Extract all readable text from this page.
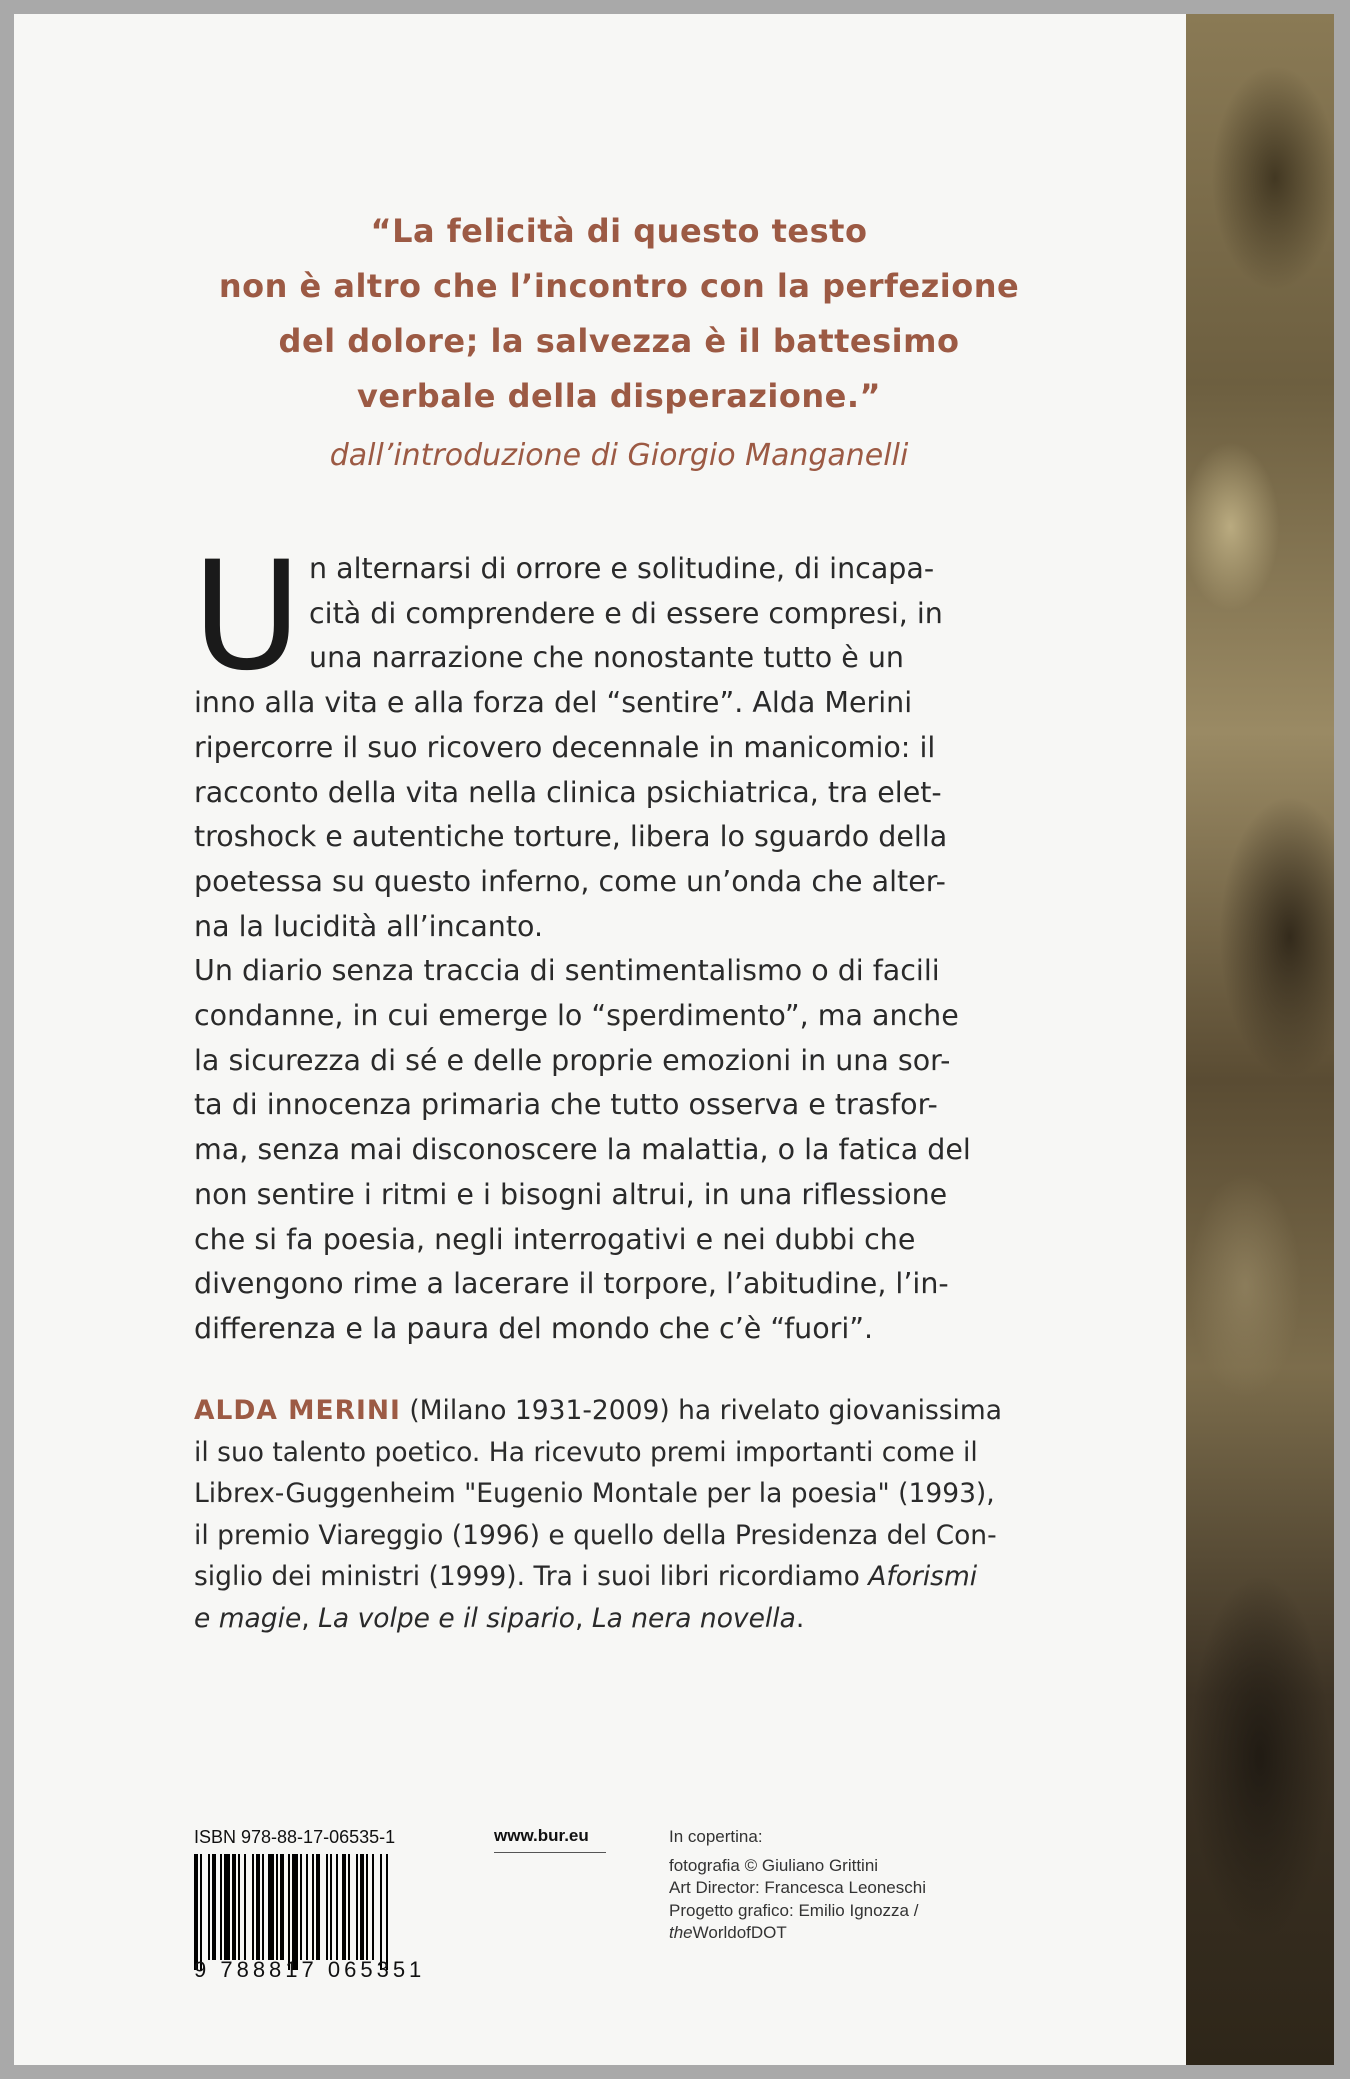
“La felicità di questo testo
non è altro che l’incontro con la perfezione
del dolore; la salvezza è il battesimo
verbale della disperazione.”
dall’introduzione di Giorgio Manganelli
U n alternarsi di orrore e solitudine, di incapa-
cità di comprendere e di essere compresi, in
una narrazione che nonostante tutto è un
inno alla vita e alla forza del “sentire”. Alda Merini
ripercorre il suo ricovero decennale in manicomio: il
racconto della vita nella clinica psichiatrica, tra elet-
troshock e autentiche torture, libera lo sguardo della
poetessa su questo inferno, come un’onda che alter-
na la lucidità all’incanto.
Un diario senza traccia di sentimentalismo o di facili
condanne, in cui emerge lo “sperdimento”, ma anche
la sicurezza di sé e delle proprie emozioni in una sor-
ta di innocenza primaria che tutto osserva e trasfor-
ma, senza mai disconoscere la malattia, o la fatica del
non sentire i ritmi e i bisogni altrui, in una riflessione
che si fa poesia, negli interrogativi e nei dubbi che
divengono rime a lacerare il torpore, l’abitudine, l’in-
differenza e la paura del mondo che c’è “fuori”.
ALDA MERINI (Milano 1931-2009) ha rivelato giovanissima
il suo talento poetico. Ha ricevuto premi importanti come il
Librex-Guggenheim "Eugenio Montale per la poesia" (1993),
il premio Viareggio (1996) e quello della Presidenza del Con-
siglio dei ministri (1999). Tra i suoi libri ricordiamo Aforismi
e magie, La volpe e il sipario, La nera novella.
ISBN 978-88-17-06535-1
9 788817 065351
www.bur.eu	In copertina:
fotografia © Giuliano Grittini
Art Director: Francesca Leoneschi
Progetto grafico: Emilio Ignozza /
theWorldofDOT
